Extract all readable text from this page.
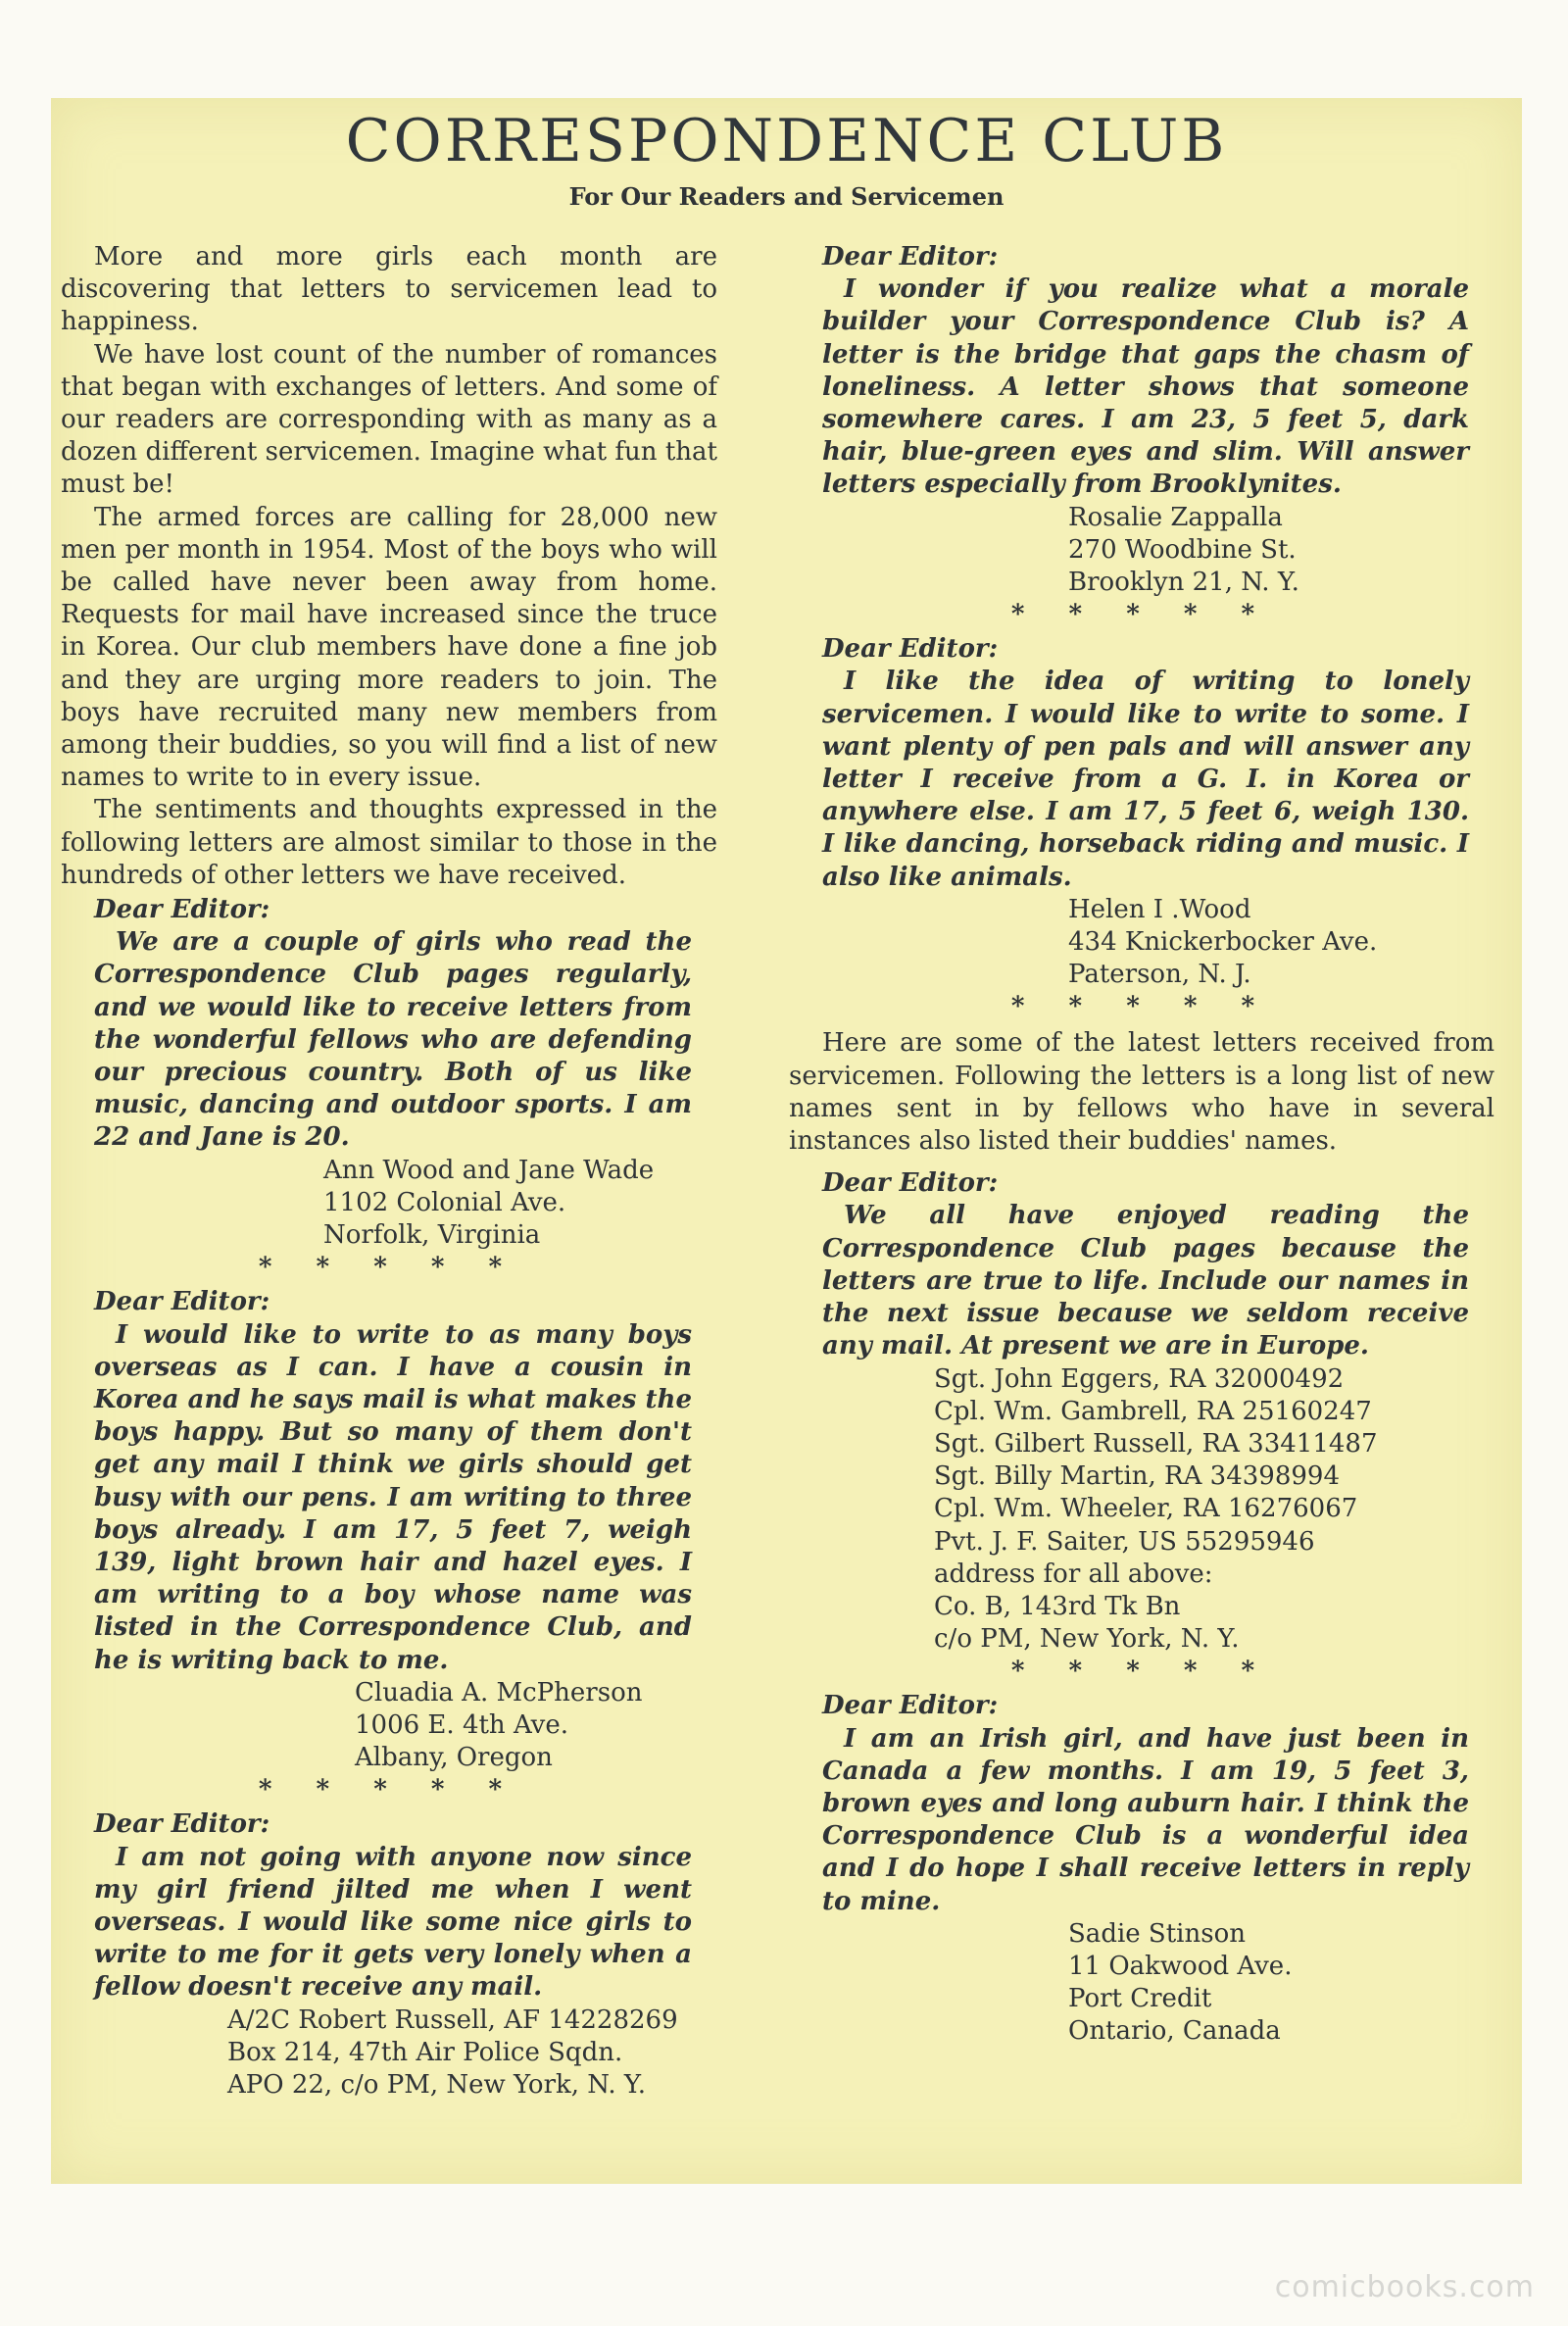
CORRESPONDENCE CLUB
For Our Readers and Servicemen

More and more girls each month are discovering that letters to servicemen lead to happiness.

We have lost count of the number of romances that began with exchanges of letters. And some of our readers are corresponding with as many as a dozen different servicemen. Imagine what fun that must be!

The armed forces are calling for 28,000 new men per month in 1954. Most of the boys who will be called have never been away from home. Requests for mail have increased since the truce in Korea. Our club members have done a fine job and they are urging more readers to join. The boys have recruited many new members from among their buddies, so you will find a list of new names to write to in every issue.

The sentiments and thoughts expressed in the following letters are almost similar to those in the hundreds of other letters we have received.

Dear Editor:

We are a couple of girls who read the Correspondence Club pages regularly, and we would like to receive letters from the wonderful fellows who are defending our precious country. Both of us like music, dancing and outdoor sports. I am 22 and Jane is 20.

Ann Wood and Jane Wade
1102 Colonial Ave.
Norfolk, Virginia

* * * * *

Dear Editor:

I would like to write to as many boys overseas as I can. I have a cousin in Korea and he says mail is what makes the boys happy. But so many of them don't get any mail I think we girls should get busy with our pens. I am writing to three boys already. I am 17, 5 feet 7, weigh 139, light brown hair and hazel eyes. I am writing to a boy whose name was listed in the Correspondence Club, and he is writing back to me.

Cluadia A. McPherson
1006 E. 4th Ave.
Albany, Oregon

* * * * *

Dear Editor:

I am not going with anyone now since my girl friend jilted me when I went overseas. I would like some nice girls to write to me for it gets very lonely when a fellow doesn't receive any mail.

A/2C Robert Russell, AF 14228269
Box 214, 47th Air Police Sqdn.
APO 22, c/o PM, New York, N. Y.

Dear Editor:

I wonder if you realize what a morale builder your Correspondence Club is? A letter is the bridge that gaps the chasm of loneliness. A letter shows that someone somewhere cares. I am 23, 5 feet 5, dark hair, blue-green eyes and slim. Will answer letters especially from Brooklynites.

Rosalie Zappalla
270 Woodbine St.
Brooklyn 21, N. Y.

* * * * *

Dear Editor:

I like the idea of writing to lonely servicemen. I would like to write to some. I want plenty of pen pals and will answer any letter I receive from a G. I. in Korea or anywhere else. I am 17, 5 feet 6, weigh 130. I like dancing, horseback riding and music. I also like animals.

Helen I .Wood
434 Knickerbocker Ave.
Paterson, N. J.

* * * * *

Here are some of the latest letters received from servicemen. Following the letters is a long list of new names sent in by fellows who have in several instances also listed their buddies' names.

Dear Editor:

We all have enjoyed reading the Correspondence Club pages because the letters are true to life. Include our names in the next issue because we seldom receive any mail. At present we are in Europe.

Sgt. John Eggers, RA 32000492
Cpl. Wm. Gambrell, RA 25160247
Sgt. Gilbert Russell, RA 33411487
Sgt. Billy Martin, RA 34398994
Cpl. Wm. Wheeler, RA 16276067
Pvt. J. F. Saiter, US 55295946
address for all above:
Co. B, 143rd Tk Bn
c/o PM, New York, N. Y.

* * * * *

Dear Editor:

I am an Irish girl, and have just been in Canada a few months. I am 19, 5 feet 3, brown eyes and long auburn hair. I think the Correspondence Club is a wonderful idea and I do hope I shall receive letters in reply to mine.

Sadie Stinson
11 Oakwood Ave.
Port Credit
Ontario, Canada
comicbooks.com
